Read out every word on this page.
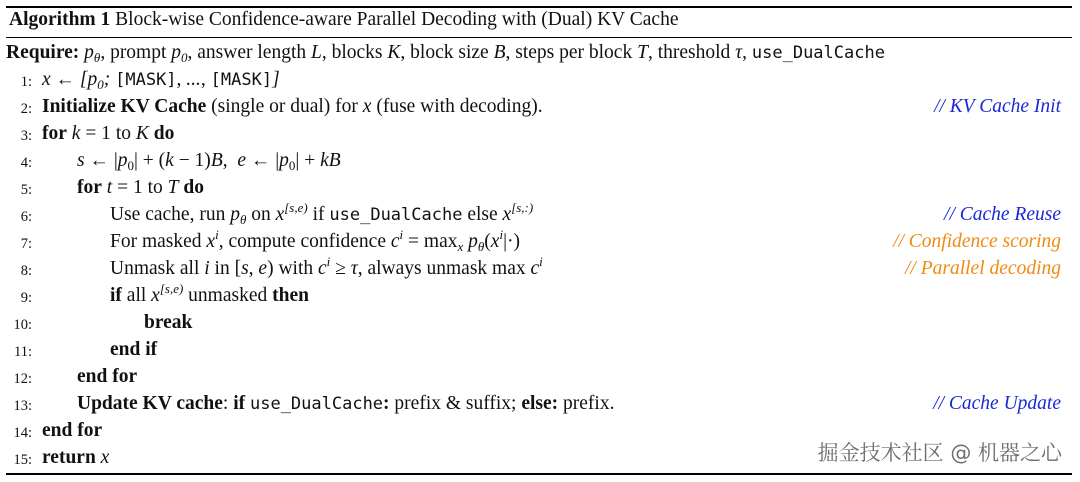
Algorithm 1 Block-wise Confidence-aware Parallel Decoding with (Dual) KV Cache
Require: $p_\theta$, prompt $p_0$, answer length L, blocks K, block size B, steps per block T, threshold τ, use_DualCache
1: x ← [$p_0$; [MASK], ..., [MASK]]
2: Initialize KV Cache (single or dual) for x (fuse with decoding).	// KV Cache Init
3: for k = 1 to K do
4: s ← $|p_0| + (k - 1)B$,  e ← $|p_0|$ + kB
5: for t = 1 to T do
6:	Use cache, run $p_\theta$ on $x^{[s,e)}$ if use_DualCache else $x^{[s,:)}$	// Cache Reuse
7:	For masked $x^i$, compute confidence $c^i = \max_x p_\theta(x^i|\cdot)$	// Confidence scoring
8:	Unmask all i in [s, e) with $c^i \ge \tau$, always unmask $\max c^i$	// Parallel decoding
9:	if all $x^{[s,e)}$ unmasked then
10:	break
11:	end if
12: end for
13: Update KV cache: if use_DualCache: prefix & suffix; else: prefix.	// Cache Update
14: end for
15: return x	掘金技术社区 @ 机器之心
